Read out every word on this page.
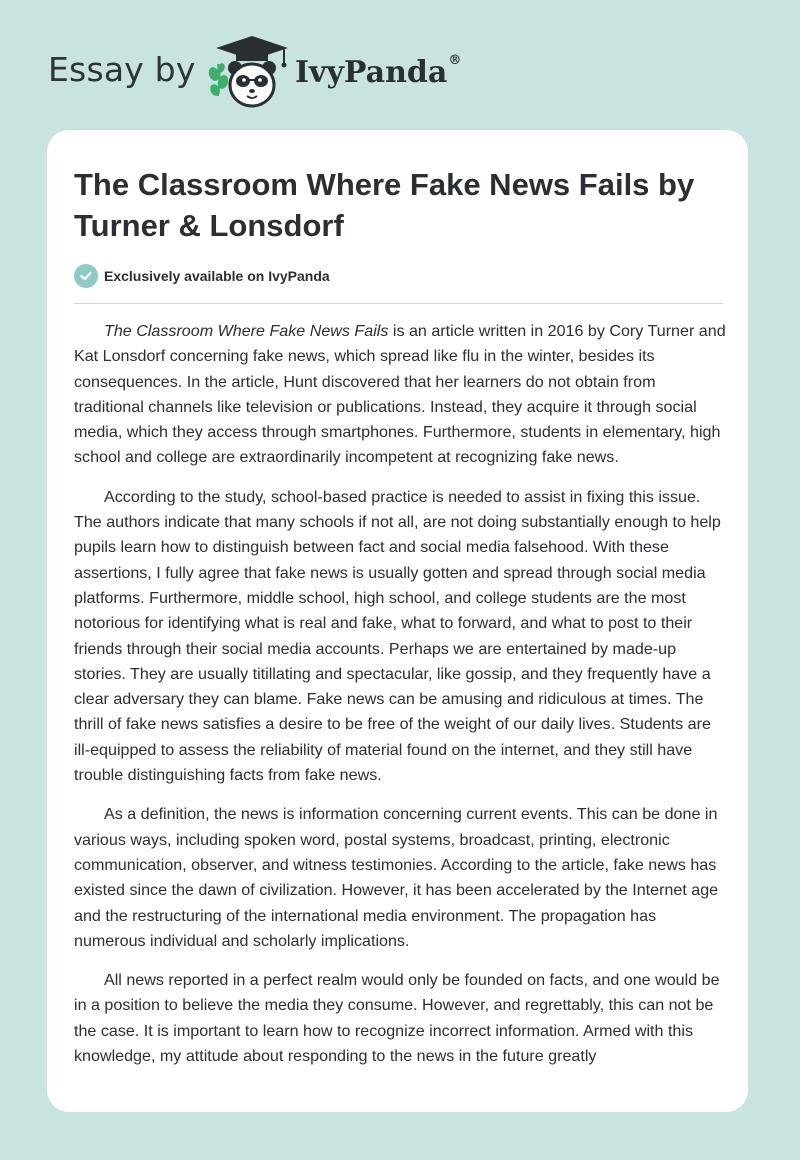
Essay by	IvyPanda®
The Classroom Where Fake News Fails by Turner & Lonsdorf
Exclusively available on IvyPanda

The Classroom Where Fake News Fails is an article written in 2016 by Cory Turner and Kat Lonsdorf concerning fake news, which spread like flu in the winter, besides its consequences. In the article, Hunt discovered that her learners do not obtain from traditional channels like television or publications. Instead, they acquire it through social media, which they access through smartphones. Furthermore, students in elementary, high school and college are extraordinarily incompetent at recognizing fake news.

According to the study, school-based practice is needed to assist in fixing this issue. The authors indicate that many schools if not all, are not doing substantially enough to help pupils learn how to distinguish between fact and social media falsehood. With these assertions, I fully agree that fake news is usually gotten and spread through social media platforms. Furthermore, middle school, high school, and college students are the most notorious for identifying what is real and fake, what to forward, and what to post to their friends through their social media accounts. Perhaps we are entertained by made-up stories. They are usually titillating and spectacular, like gossip, and they frequently have a clear adversary they can blame. Fake news can be amusing and ridiculous at times. The thrill of fake news satisfies a desire to be free of the weight of our daily lives. Students are ill-equipped to assess the reliability of material found on the internet, and they still have trouble distinguishing facts from fake news.

As a definition, the news is information concerning current events. This can be done in various ways, including spoken word, postal systems, broadcast, printing, electronic communication, observer, and witness testimonies. According to the article, fake news has existed since the dawn of civilization. However, it has been accelerated by the Internet age and the restructuring of the international media environment. The propagation has numerous individual and scholarly implications.

All news reported in a perfect realm would only be founded on facts, and one would be in a position to believe the media they consume. However, and regrettably, this can not be the case. It is important to learn how to recognize incorrect information. Armed with this knowledge, my attitude about responding to the news in the future greatly
